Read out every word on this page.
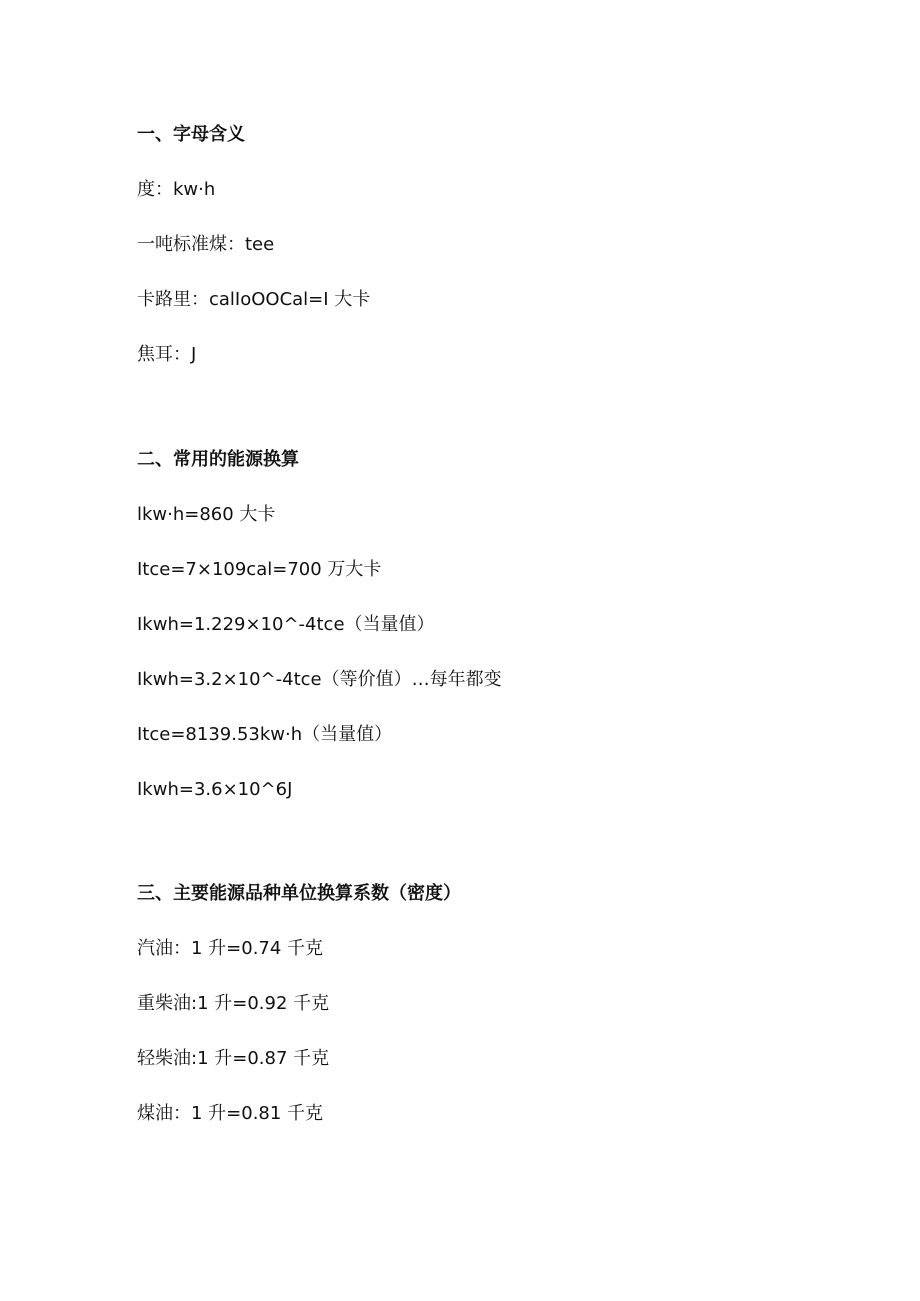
一、字母含义
度：kw·h
一吨标准煤：tee
卡路里：calIoOOCal=I 大卡
焦耳：J
二、常用的能源换算
lkw·h=860 大卡
Itce=7×109cal=700 万大卡
Ikwh=1.229×10^-4tce（当量值）
Ikwh=3.2×10^-4tce（等价值）…每年都变
Itce=8139.53kw·h（当量值）
Ikwh=3.6×10^6J
三、主要能源品种单位换算系数（密度）
汽油：1 升=0.74 千克
重柴油:1 升=0.92 千克
轻柴油:1 升=0.87 千克
煤油：1 升=0.81 千克
